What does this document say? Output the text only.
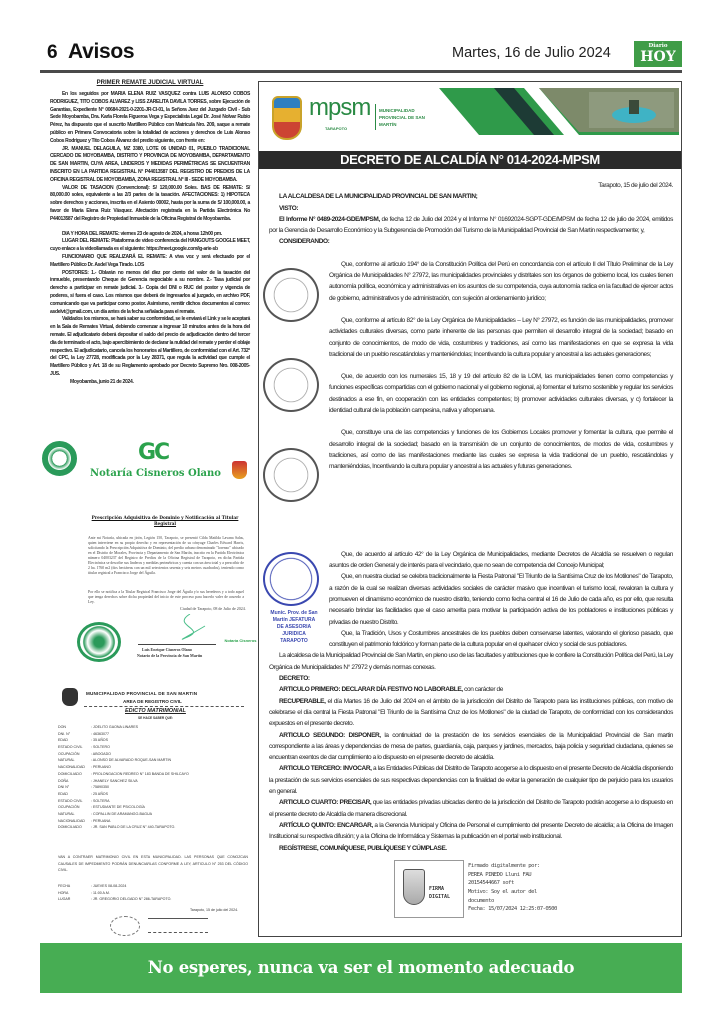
6 Avisos	Martes, 16 de Julio 2024	Diario
HOY
PRIMER REMATE JUDICIAL VIRTUAL

En los seguidos por MARIA ELENA RUIZ VASQUEZ contra LUIS ALONSO COBOS RODRIGUEZ, TITO COBOS ALVAREZ y LISS ZARELITA DAVILA TORRES, sobre Ejecución de Garantías, Expediente N° 00684-2021-0-2201-JR-CI-01, la Señora Juez del Juzgado Civil - Sub Sede Moyobamba, Dra. Karla Florela Figueroa Vega y Especialista Legal Dr. José Nolvar Rubio Pérez, ha dispuesto que el suscrito Martillero Público con Matrícula Nro. 209, saque a remate público en Primera Convocatoria sobre la totalidad de acciones y derechos de Luis Alonso Cobos Rodríguez y Tito Cobos Álvarez del predio siguiente, con frente en:

JR. MANUEL DELAGUILA, MZ 3380, LOTE 06 UNIDAD 01, PUEBLO TRADICIONAL CERCADO DE MOYOBAMBA, DISTRITO Y PROVINCIA DE MOYOBAMBA, DEPARTAMENTO DE SAN MARTIN, CUYA AREA, LINDEROS Y MEDIDAS PERIMÉTRICAS SE ENCUENTRAN INSCRITO EN LA PARTIDA REGISTRAL N° P44013587 DEL REGISTRO DE PREDIOS DE LA OFICINA REGISTRAL DE MOYOBAMBA, ZONA REGISTRAL N° III - SEDE MOYOBAMBA.

VALOR DE TASACION (Convencional): S/ 120,000.00 Soles. BAS DE REMATE: S/ 80,000.00 soles, equivalente a las 2/3 partes de la tasación. AFECTACIONES: 1) HIPOTECA sobre derechos y acciones, inscrita en el Asiento 00002, hasta por la suma de S/ 100,000.00, a favor de María Elena Ruiz Vásquez. Afectación registrada en la Partida Electrónica No P44013587 del Registro de Propiedad Inmueble de la Oficina Registral de Moyobamba.

DIA Y HORA DEL REMATE: viernes 23 de agosto de 2024, a horas 12h00 pm.

LUGAR DEL REMATE: Plataforma de video conferencia del HANGOUTS GOOGLE MEET, cuyo enlace a la videollamada es el siguiente: https://meet.google.com/ig-arie-sb

FUNCIONARIO QUE REALIZARÁ EL REMATE: A viva voz y será efectuado por el Martillero Público Dr. Asdel Vega Tirado. LOS

POSTORES: 1.- Oblarán no menos del diez por ciento del valor de la tasación del inmueble, presentando Cheque de Gerencia negociable a su nombre. 2.- Tasa judicial por derecho a participar en remate judicial. 3.- Copia del DNI o RUC del postor y vigencia de poderes, si fuera el caso. Los mismos que deberá de ingresarlos al juzgado, en archivo PDF, comunicando que va participar como postor. Asimismo, remitir dichos documentos al correo: asdelvt@gmail.com, un día antes de la fecha señalada para el remate.

Validados los mismos, se hará saber su conformidad, se le enviará el Link y se le aceptará en la Sala de Remates Virtual, debiendo comenzar a ingresar 10 minutos antes de la hora del remate. El adjudicatario deberá depositar el saldo del precio de adjudicación dentro del tercer día de terminado el acto, bajo apercibimiento de declarar la nulidad del remate y perder el oblaje respectivo. El adjudicatario, cancela los honorarios al Martillero, de conformidad con el Art. 732° del CPC, la Ley 27728, modificada por la Ley 28371, que regula la actividad que cumple el Martillero Público y Art. 18 de su Reglamento aprobado por Decreto Supremo Nro. 008-2005-JUS.

Moyobamba, junio 21 de 2024.

GC
Notaría Cisneros Olano
Prescripción Adquisitiva de Dominio y Notificación al Titular Registral
Ante mi Notaría, ubicada en jirón, Legión 150, Tarapoto, se presentó Cilda Matilda Lavana Salas, quien interviene en su propio derecho y en representación de su cónyuge Charles Edward Harris, solicitando la Prescripción Adquisitiva de Dominio, del predio urbano denominado "lorenzo" ubicado en el Distrito de Morales, Provincia y Departamento de San Martín, inscrito en la Partida Electrónica número 04003237 del Registro de Predios de la Oficina Registral de Tarapoto, en dicha Partida Electrónica se describe sus linderos y medidas perimétricas y cuenta con un área total y a prescribir de 2 ha. 1760 m2 (dos hectáreas con un mil setecientos sesenta y seis metros cuadrados), teniendo como titular registral a Francisco Jorge del Águila.
Por ello se notifica a la Titular Registral Francisco Jorge del Águila y/o sus herederos y a todo aquel que tenga derechos sobre dicha propiedad del inicio de este proceso para hacerlo valer de acuerdo a Ley.
Ciudad de Tarapoto, 08 de Julio de 2024.
Luis Enrique Cisneros Olano
Notario de la Provincia de San Martín
Notaría Cisneros
MUNICIPALIDAD PROVINCIAL DE SAN MARTIN
AREA DE REGISTRO CIVIL
EDICTO MATRIMONIAL
SE HACE SABER QUE:
DON	: JOELITO GAONA LINARES
DNI. N°	: 46363077
EDAD	: 35 AÑOS
ESTADO CIVIL	: SOLTERO
OCUPACIÓN	: ABOGADO
NATURAL	: ALONSO DE ALVARADO ROQUE-SAN MARTIN
NACIONALIDAD	: PERUANO
DOMICILIADO	: PROLONGACION REDREO N° 183 BANDA DE SHILCAYO
DOÑA	: JHANELY SANCHEZ SILVA
DNI N°	: 75890350
EDAD	: 25 AÑOS
ESTADO CIVIL	: SOLTERA
OCUPACIÓN	: ESTUDIANTE DE PSICOLOGÍA
NATURAL	: COPALLIN DE ARAMANGO-BAGUA
NACIONALIDAD	: PERUANA
DOMICILIADO	: JR. SAN PABLO DE LA CRUZ N° 440-TARAPOTO.
VAN A CONTRAER MATRIMONIO CIVIL EN ESTA MUNICIPALIDAD. LAS PERSONAS QUE CONOZCAN CAUSALES DE IMPEDIMENTO PODRÁN DENUNCIARLAS CONFORME A LEY, ARTICULO N° 253 DEL CÓDIGO CIVIL.
FECHA	: JUEVES 08-08-2024
HORA	: 11:00 A.M.
LUGAR	: JR. GREGORIO DELGADO N° 286-TARAPOTO.
Tarapoto, 15 de julio del 2024.
mpsm
TARAPOTO
MUNICIPALIDAD PROVINCIAL DE SAN MARTÍN
DECRETO DE ALCALDÍA N° 014-2024-MPSM

Tarapoto, 15 de julio del 2024.

LA ALCALDESA DE LA MUNICIPALIDAD PROVINCIAL DE SAN MARTIN;

VISTO:

El Informe N° 0489-2024-GDE/MPSM, de fecha 12 de Julio del 2024 y el Informe N° 01692024-SGPT-GDE/MPSM de fecha 12 de julio de 2024, emitidos por la Gerencia de Desarrollo Económico y la Subgerencia de Promoción del Turismo de la Municipalidad Provincial de San Martin respectivamente; y,

CONSIDERANDO:

Que, conforme al artículo 194° de la Constitución Política del Perú en concordancia con el artículo II del Título Preliminar de la Ley Orgánica de Municipalidades N° 27972, las municipalidades provinciales y distritales son los órganos de gobierno local, los cuales tienen autonomía política, económica y administrativas en los asuntos de su competencia, cuya autonomía radica en la facultad de ejercer actos de gobierno, administrativos y de administración, con sujeción al ordenamiento jurídico;

Que, conforme al artículo 82° de la Ley Orgánica de Municipalidades – Ley N° 27972, es función de las municipalidades, promover actividades culturales diversas, como parte inherente de las personas que permiten el desarrollo integral de la sociedad; basado en conjunto de conocimientos, de modo de vida, costumbres y tradiciones, así como las manifestaciones en que se expresa la vida tradicional de un pueblo rescatándolas y manteniéndolas; Incentivando la cultura popular y ancestral a las actuales generaciones;

Que, de acuerdo con los numerales 15, 18 y 19 del artículo 82 de la LOM, las municipalidades tienen como competencias y funciones específicas compartidas con el gobierno nacional y el gobierno regional, a) fomentar el turismo sostenible y regular los servicios destinados a ese fin, en cooperación con las entidades competentes; b) promover actividades culturales diversas, y c) fortalecer la identidad cultural de la población campesina, nativa y afroperuana.

Que, constituye una de las competencias y funciones de los Gobiernos Locales promover y fomentar la cultura, que permite el desarrollo integral de la sociedad; basado en la transmisión de un conjunto de conocimientos, de modos de vida, costumbres y tradiciones, así como de las manifestaciones mediante las cuales se expresa la vida tradicional de un pueblo, rescatándolas y manteniéndolas, Incentivando la cultura popular y ancestral a las actuales y futuras generaciones.

Munic. Prov. de San Martín JEFATURA DE ASESORIA JURIDICA TARAPOTO

Que, de acuerdo al artículo 42° de la Ley Orgánica de Municipalidades, mediante Decretos de Alcaldía se resuelven o regulan asuntos de orden General y de interés para el vecindario, que no sean de competencia del Concejo Municipal;

Que, en nuestra ciudad se celebra tradicionalmente la Fiesta Patronal "El Triunfo de la Santísima Cruz de los Motilones" de Tarapoto, a razón de la cual se realizan diversas actividades sociales de carácter masivo que incentivan el turismo local, revaloran la cultura y promueven el dinamismo económico de nuestro distrito, teniendo como fecha central el 16 de Julio de cada año, es por ello, que resulta necesario brindar las facilidades que el caso amerita para motivar la participación activa de los pobladores e instituciones públicas y privadas de nuestro Distrito.

Que, la Tradición, Usos y Costumbres ancestrales de los pueblos deben conservarse latentes, valorando el glorioso pasado, que constituyen el patrimonio folclórico y forman parte de la cultura popular en el quehacer cívico y social de sus pobladores.

La alcaldesa de la Municipalidad Provincial de San Martin, en pleno uso de las facultades y atribuciones que le confiere la Constitución Política del Perú, la Ley Orgánica de Municipalidades N° 27972 y demás normas conexas.

DECRETO:

ARTICULO PRIMERO: DECLARAR DÍA FESTIVO NO LABORABLE, con carácter de

RECUPERABLE, el día Martes 16 de Julio del 2024 en el ámbito de la jurisdicción del Distrito de Tarapoto para las instituciones públicas, con motivo de celebrarse el día central la Fiesta Patronal "El Triunfo de la Santísima Cruz de los Motilones" de la ciudad de Tarapoto, de conformidad con los considerandos expuestos en el presente decreto.

ARTICULO SEGUNDO: DISPONER, la continuidad de la prestación de los servicios esenciales de la Municipalidad Provincial de San martin correspondiente a las áreas y dependencias de mesa de partes, guardianía, caja, parques y jardines, mercados, baja policía y seguridad ciudadana, quienes se encuentran exentos de dar cumplimiento a lo dispuesto en el presente decreto de alcaldía.

ARTICULO TERCERO: INVOCAR, a las Entidades Públicas del Distrito de Tarapoto acogerse a lo dispuesto en el presente Decreto de Alcaldía disponiendo la prestación de sus servicios esenciales de sus respectivas dependencias con la finalidad de evitar la generación de cualquier tipo de perjuicio para los usuarios en general.

ARTICULO CUARTO: PRECISAR, que las entidades privadas ubicadas dentro de la jurisdicción del Distrito de Tarapoto podrán acogerse a lo dispuesto en el presente decreto de Alcaldía de manera discrecional.

ARTÍCULO QUINTO: ENCARGAR, a la Gerencia Municipal y Oficina de Personal el cumplimiento del presente Decreto de alcaldía; a la Oficina de Imagen Institucional su respectiva difusión; y a la Oficina de Informática y Sistemas la publicación en el portal web institucional.

REGÍSTRESE, COMUNÍQUESE, PUBLÍQUESE Y CÚMPLASE.

FIRMA DIGITAL
Firmado digitalmente por:
PEREA PINEDO Lluni FAU
20154544667 soft
Motivo: Soy el autor del
documento
Fecha: 15/07/2024 12:25:07-0500
No esperes, nunca va ser el momento adecuado
